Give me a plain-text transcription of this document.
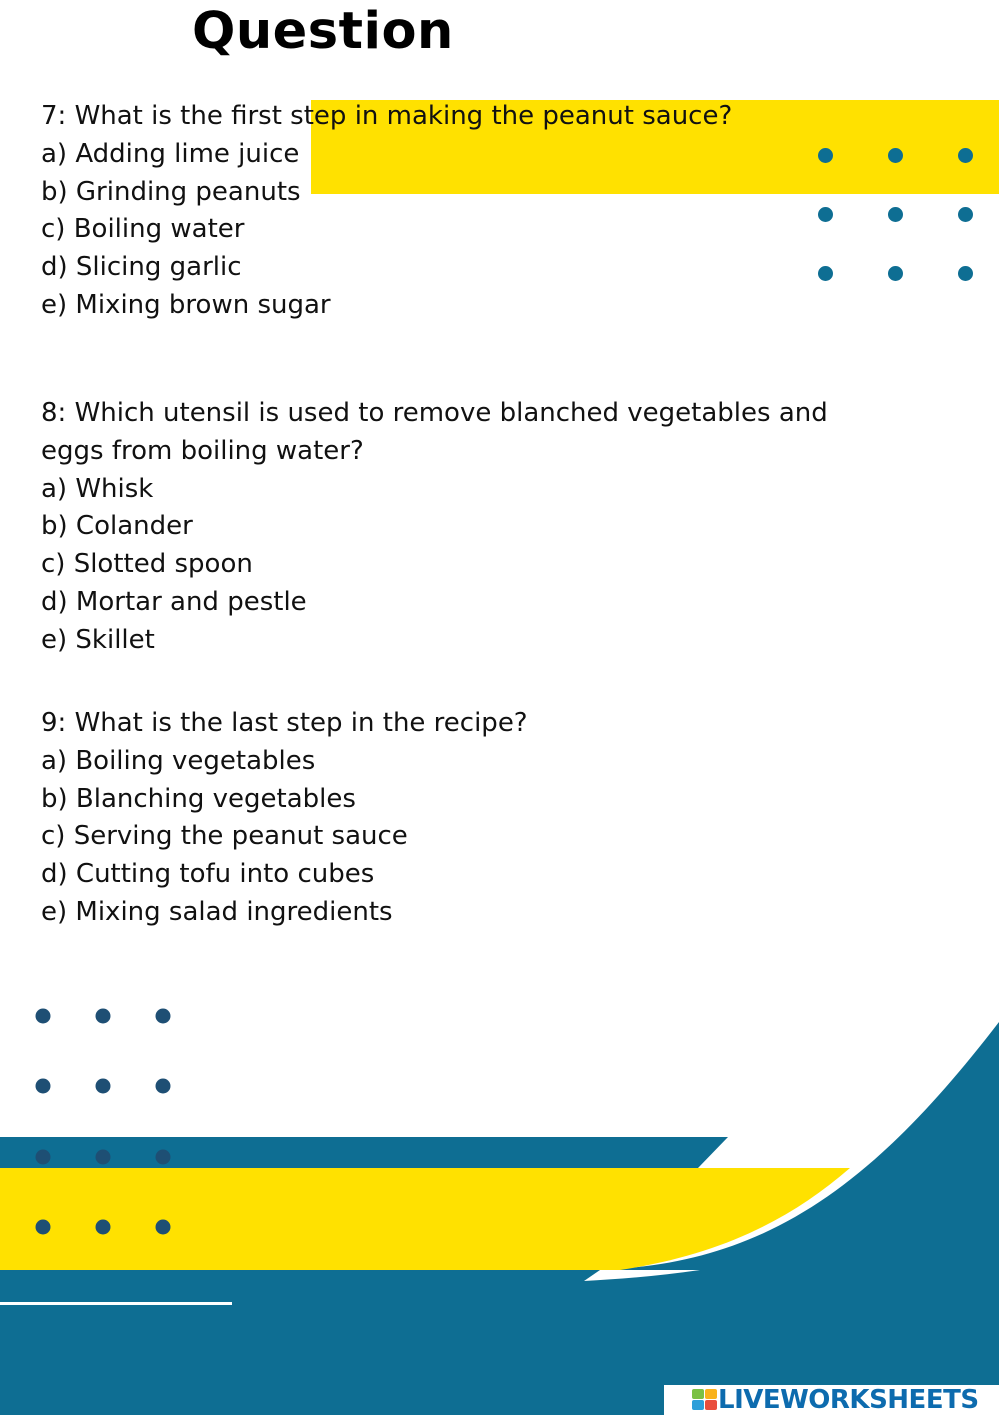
Question

7: What is the first step in making the peanut sauce?

a) Adding lime juice

b) Grinding peanuts

c) Boiling water

d) Slicing garlic

e) Mixing brown sugar

8: Which utensil is used to remove blanched vegetables and eggs from boiling water?

a) Whisk

b) Colander

c) Slotted spoon

d) Mortar and pestle

e) Skillet

9: What is the last step in the recipe?

a) Boiling vegetables

b) Blanching vegetables

c) Serving the peanut sauce

d) Cutting tofu into cubes

e) Mixing salad ingredients

LIVEWORKSHEETS
